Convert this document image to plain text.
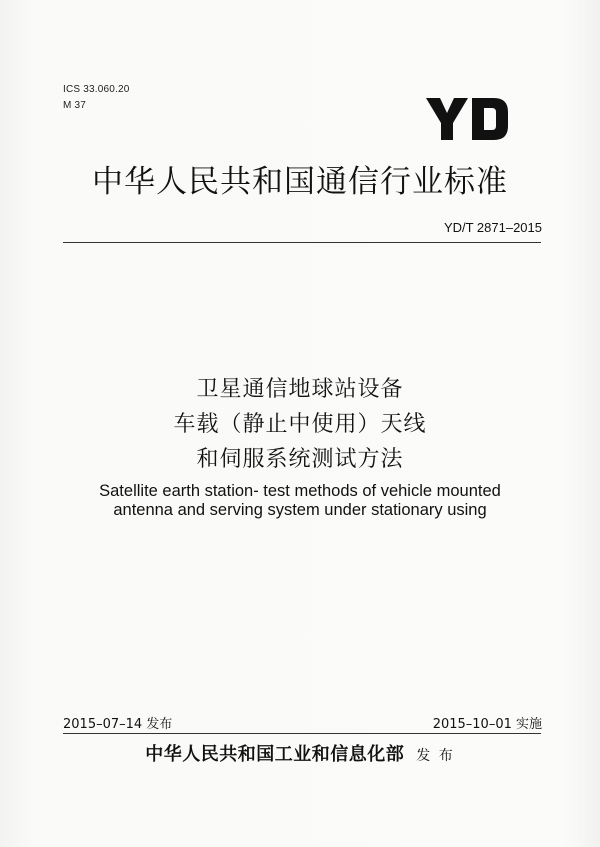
ICS 33.060.20
M 37
中华人民共和国通信行业标准
YD/T 2871–2015
卫星通信地球站设备
车载（静止中使用）天线
和伺服系统测试方法
Satellite earth station- test methods of vehicle mounted
antenna and serving system under stationary using
2015–07–14 发布	2015–10–01 实施
中华人民共和国工业和信息化部 发 布
